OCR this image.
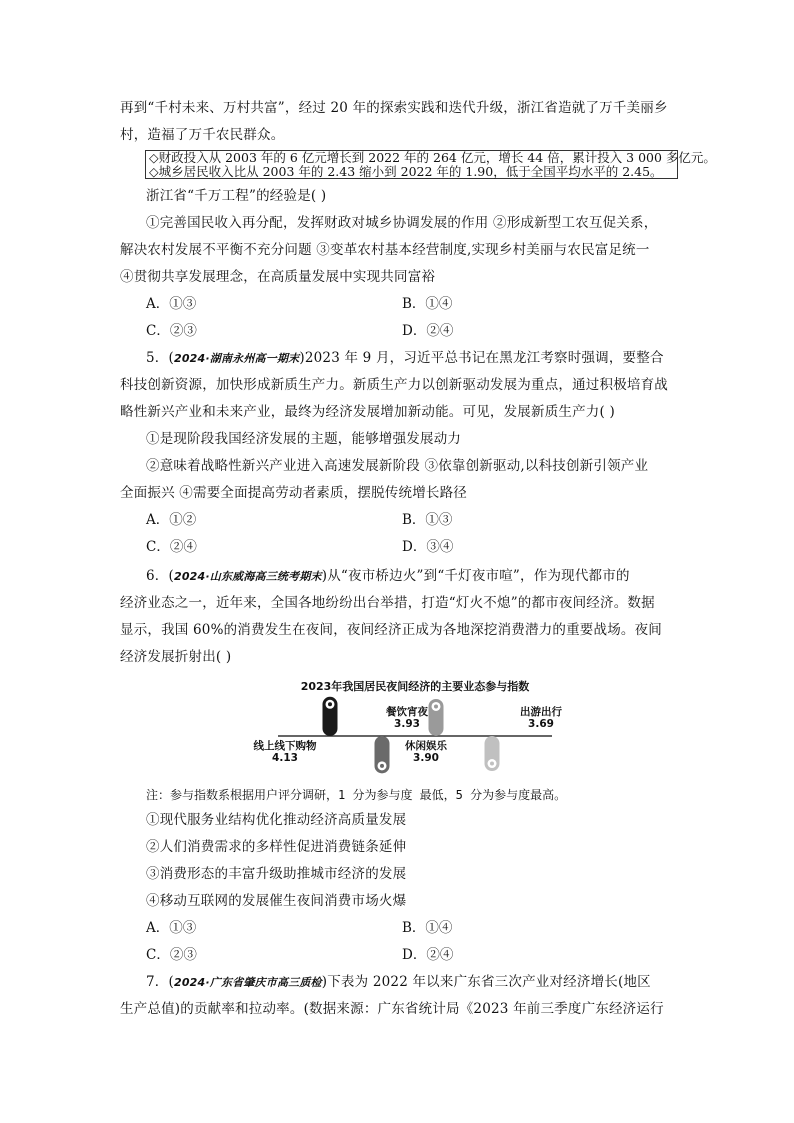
再到“千村未来、万村共富”，经过 20 年的探索实践和迭代升级，浙江省造就了万千美丽乡

村，造福了万千农民群众。

◇财政投入从 2003 年的 6 亿元增长到 2022 年的 264 亿元，增长 44 倍，累计投入 3 000 多亿元。
◇城乡居民收入比从 2003 年的 2.43 缩小到 2022 年的 1.90，低于全国平均水平的 2.45。

浙江省“千万工程”的经验是( )

①完善国民收入再分配，发挥财政对城乡协调发展的作用 ②形成新型工农互促关系，

解决农村发展不平衡不充分问题 ③变革农村基本经营制度,实现乡村美丽与农民富足统一

④贯彻共享发展理念，在高质量发展中实现共同富裕

A．①③	B．①④
C．②③	D．②④

5．(2024·湖南永州高一期末)2023 年 9 月，习近平总书记在黑龙江考察时强调，要整合

科技创新资源，加快形成新质生产力。新质生产力以创新驱动发展为重点，通过积极培育战

略性新兴产业和未来产业，最终为经济发展增加新动能。可见，发展新质生产力( )

①是现阶段我国经济发展的主题，能够增强发展动力

②意味着战略性新兴产业进入高速发展新阶段 ③依靠创新驱动,以科技创新引领产业

全面振兴 ④需要全面提高劳动者素质，摆脱传统增长路径

A．①②	B．①③
C．②④	D．③④

6．(2024·山东威海高三统考期末)从“夜市桥边火”到“千灯夜市喧”，作为现代都市的

经济业态之一，近年来，全国各地纷纷出台举措，打造“灯火不熄”的都市夜间经济。数据

显示，我国 60%的消费发生在夜间，夜间经济正成为各地深挖消费潜力的重要战场。夜间

经济发展折射出( )

2023年我国居民夜间经济的主要业态参与指数
线上线下购物
4.13
餐饮宵夜
3.93
休闲娱乐
3.90
出游出行
3.69
注：参与指数系根据用户评分调研，1 分为参与度 最低，5 分为参与度最高。

①现代服务业结构优化推动经济高质量发展

②人们消费需求的多样性促进消费链条延伸

③消费形态的丰富升级助推城市经济的发展

④移动互联网的发展催生夜间消费市场火爆

A．①③	B．①④
C．②③	D．②④

7．(2024·广东省肇庆市高三质检)下表为 2022 年以来广东省三次产业对经济增长(地区

生产总值)的贡献率和拉动率。(数据来源：广东省统计局《2023 年前三季度广东经济运行
